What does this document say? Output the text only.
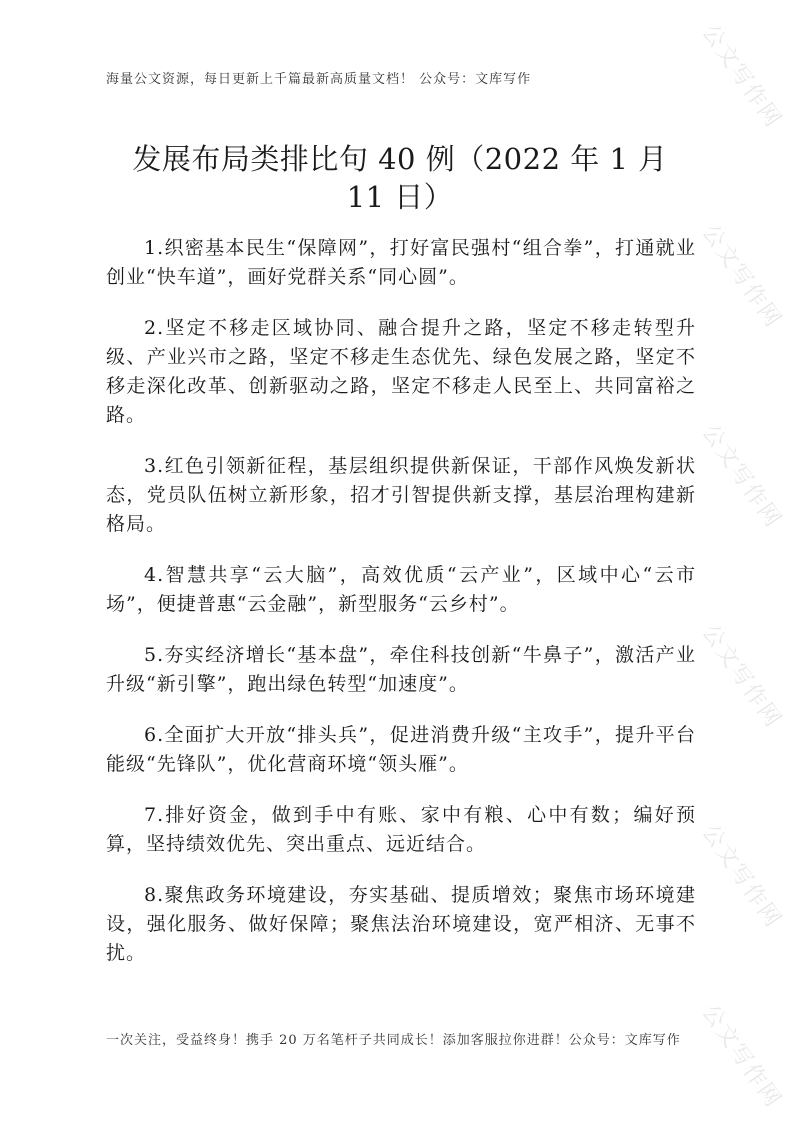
公文写作网
公文写作网
公文写作网
公文写作网
公文写作网
公文写作网
海量公文资源，每日更新上千篇最新高质量文档！ 公众号：文库写作
发展布局类排比句 40 例（2022 年 1 月 11 日）

1.织密基本民生“保障网”，打好富民强村“组合拳”，打通就业创业“快车道”，画好党群关系“同心圆”。

2.坚定不移走区域协同、融合提升之路，坚定不移走转型升级、产业兴市之路，坚定不移走生态优先、绿色发展之路，坚定不移走深化改革、创新驱动之路，坚定不移走人民至上、共同富裕之路。

3.红色引领新征程，基层组织提供新保证，干部作风焕发新状态，党员队伍树立新形象，招才引智提供新支撑，基层治理构建新格局。

4.智慧共享“云大脑”，高效优质“云产业”，区域中心“云市场”，便捷普惠“云金融”，新型服务“云乡村”。

5.夯实经济增长“基本盘”，牵住科技创新“牛鼻子”，激活产业升级“新引擎”，跑出绿色转型“加速度”。

6.全面扩大开放“排头兵”，促进消费升级“主攻手”，提升平台能级“先锋队”，优化营商环境“领头雁”。

7.排好资金，做到手中有账、家中有粮、心中有数；编好预算，坚持绩效优先、突出重点、远近结合。

8.聚焦政务环境建设，夯实基础、提质增效；聚焦市场环境建设，强化服务、做好保障；聚焦法治环境建设，宽严相济、无事不扰。

一次关注，受益终身！携手 20 万名笔杆子共同成长！添加客服拉你进群！公众号：文库写作
